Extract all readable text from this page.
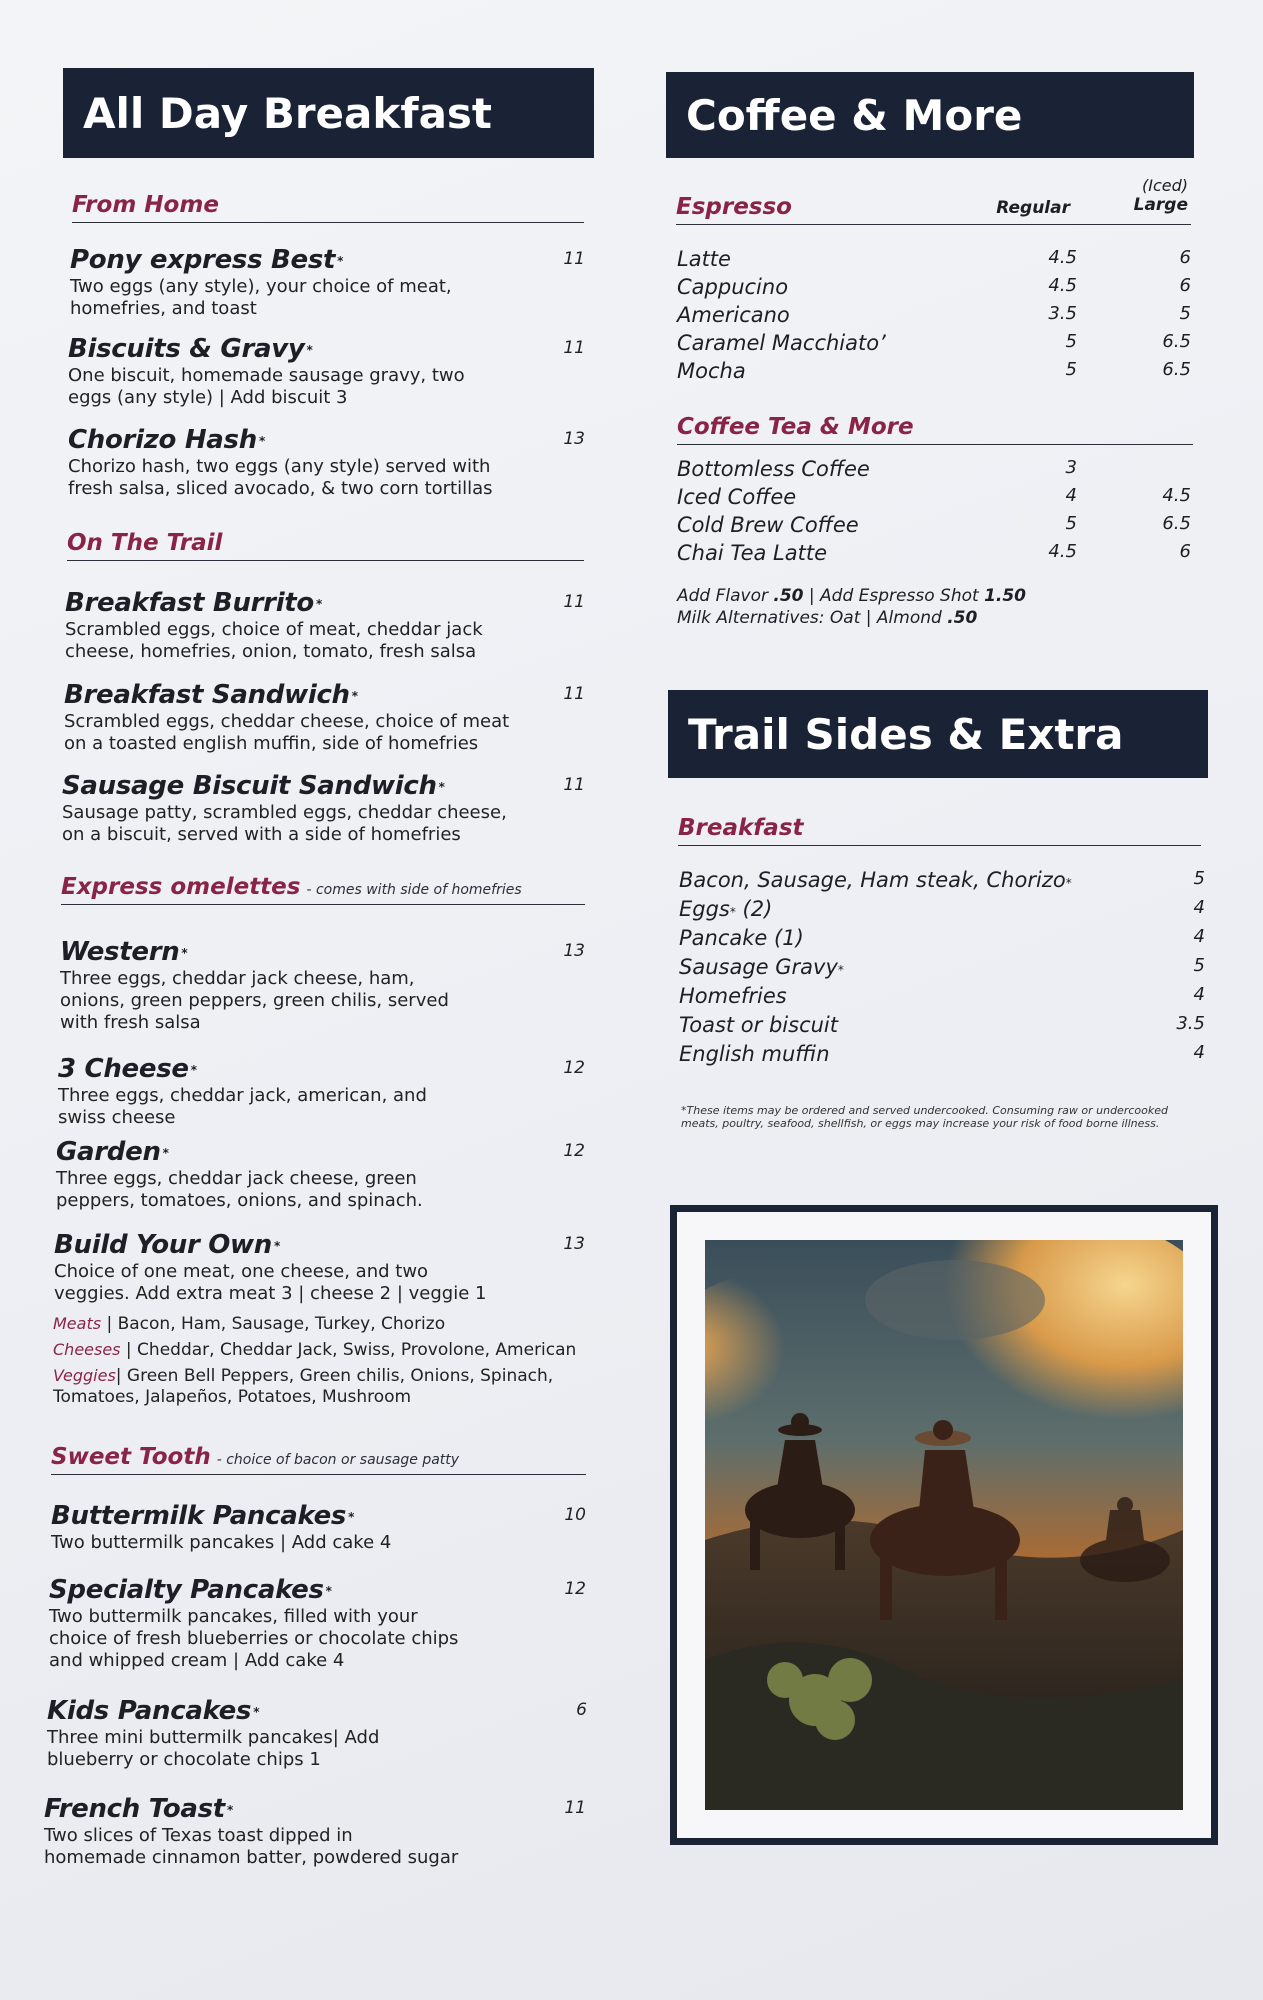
All Day Breakfast
From Home
Pony express Best *	11
Two eggs (any style), your choice of meat,
homefries, and toast
Biscuits & Gravy *	11
One biscuit, homemade sausage gravy, two
eggs (any style) | Add biscuit 3
Chorizo Hash *	13
Chorizo hash, two eggs (any style) served with
fresh salsa, sliced avocado, & two corn tortillas
Breakfast Burrito *	11
Scrambled eggs, choice of meat, cheddar jack
cheese, homefries, onion, tomato, fresh salsa
Breakfast Sandwich *	11
Scrambled eggs, cheddar cheese, choice of meat
on a toasted english muffin, side of homefries
Sausage Biscuit Sandwich *	11
Sausage patty, scrambled eggs, cheddar cheese,
on a biscuit, served with a side of homefries
Western *	13
Three eggs, cheddar jack cheese, ham,
onions, green peppers, green chilis, served
with fresh salsa
3 Cheese *	12
Three eggs, cheddar jack, american, and
swiss cheese
Garden *	12
Three eggs, cheddar jack cheese, green
peppers, tomatoes, onions, and spinach.
Build Your Own *	13
Choice of one meat, one cheese, and two
veggies. Add extra meat 3 | cheese 2 | veggie 1
Buttermilk Pancakes *	10
Two buttermilk pancakes | Add cake 4
Specialty Pancakes *	12
Two buttermilk pancakes, filled with your
choice of fresh blueberries or chocolate chips
and whipped cream | Add cake 4
Kids Pancakes *	6
Three mini buttermilk pancakes| Add
blueberry or chocolate chips 1
French Toast *	11
Two slices of Texas toast dipped in
homemade cinnamon batter, powdered sugar
On The Trail
Express omelettes - comes with side of homefries
Meats | Bacon, Ham, Sausage, Turkey, Chorizo
Cheeses | Cheddar, Cheddar Jack, Swiss, Provolone, American
Veggies| Green Bell Peppers, Green chilis, Onions, Spinach,
Tomatoes, Jalapeños, Potatoes, Mushroom
Sweet Tooth - choice of bacon or sausage patty
Coffee & More
Espresso	Regular
(Iced)
Large
Latte	4.5	6
Cappucino	4.5	6
Americano	3.5	5
Caramel Macchiato’	5	6.5
Mocha	5	6.5
Coffee Tea & More
Bottomless Coffee	3
Iced Coffee	4	4.5
Cold Brew Coffee	5	6.5
Chai Tea Latte	4.5	6
Add Flavor .50 | Add Espresso Shot 1.50
Milk Alternatives: Oat | Almond .50
Trail Sides & Extra
Breakfast
Bacon, Sausage, Ham steak, Chorizo*	5
Eggs* (2)	4
Pancake (1)	4
Sausage Gravy*	5
Homefries	4
Toast or biscuit	3.5
English muffin	4
*These items may be ordered and served undercooked. Consuming raw or undercooked
meats, poultry, seafood, shellfish, or eggs may increase your risk of food borne illness.
